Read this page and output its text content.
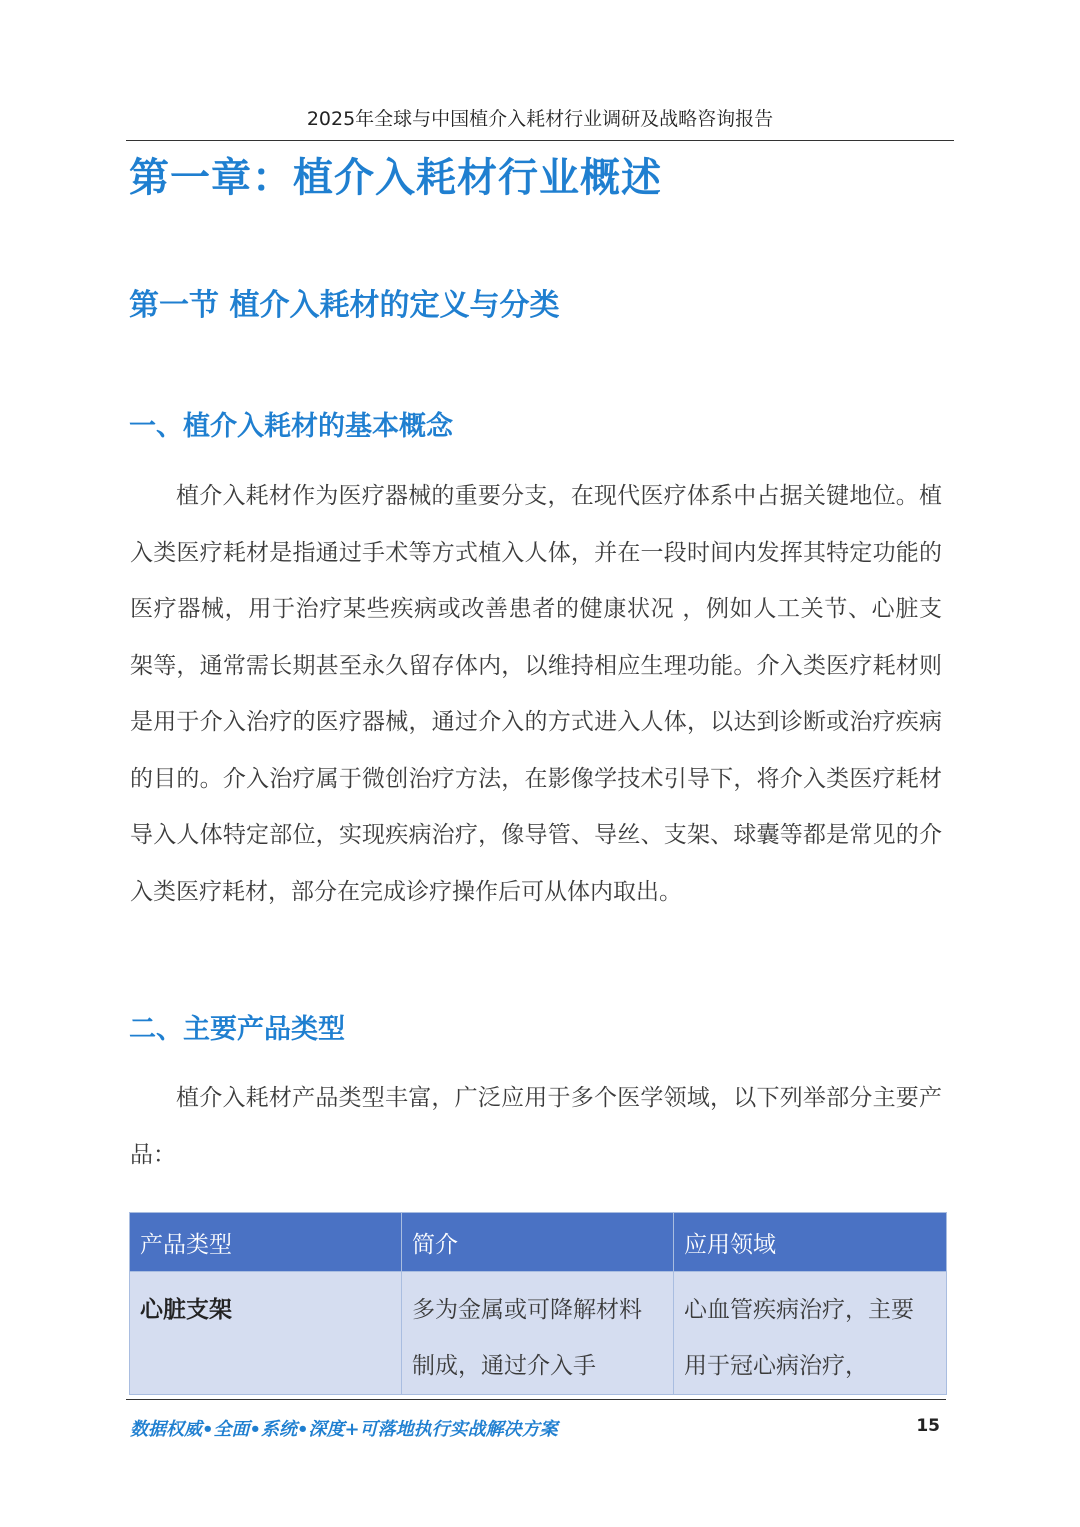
2025年全球与中国植介入耗材行业调研及战略咨询报告
第一章：植介入耗材行业概述
第一节 植介入耗材的定义与分类
一、植介入耗材的基本概念

植介入耗材作为医疗器械的重要分支，在现代医疗体系中占据关键地位。植入类医疗耗材是指通过手术等方式植入人体，并在一段时间内发挥其特定功能的医疗器械，用于治疗某些疾病或改善患者的健康状况 ，例如人工关节、心脏支架等，通常需长期甚至永久留存体内，以维持相应生理功能。介入类医疗耗材则是用于介入治疗的医疗器械，通过介入的方式进入人体，以达到诊断或治疗疾病的目的。介入治疗属于微创治疗方法，在影像学技术引导下，将介入类医疗耗材导入人体特定部位，实现疾病治疗，像导管、导丝、支架、球囊等都是常见的介入类医疗耗材，部分在完成诊疗操作后可从体内取出。

二、主要产品类型

植介入耗材产品类型丰富，广泛应用于多个医学领域，以下列举部分主要产品：

产品类型	简介	应用领域
心脏支架	多为金属或可降解材料制成，通过介入手	心血管疾病治疗，主要用于冠心病治疗，
数据权威•全面•系统•深度+可落地执行实战解决方案	15
